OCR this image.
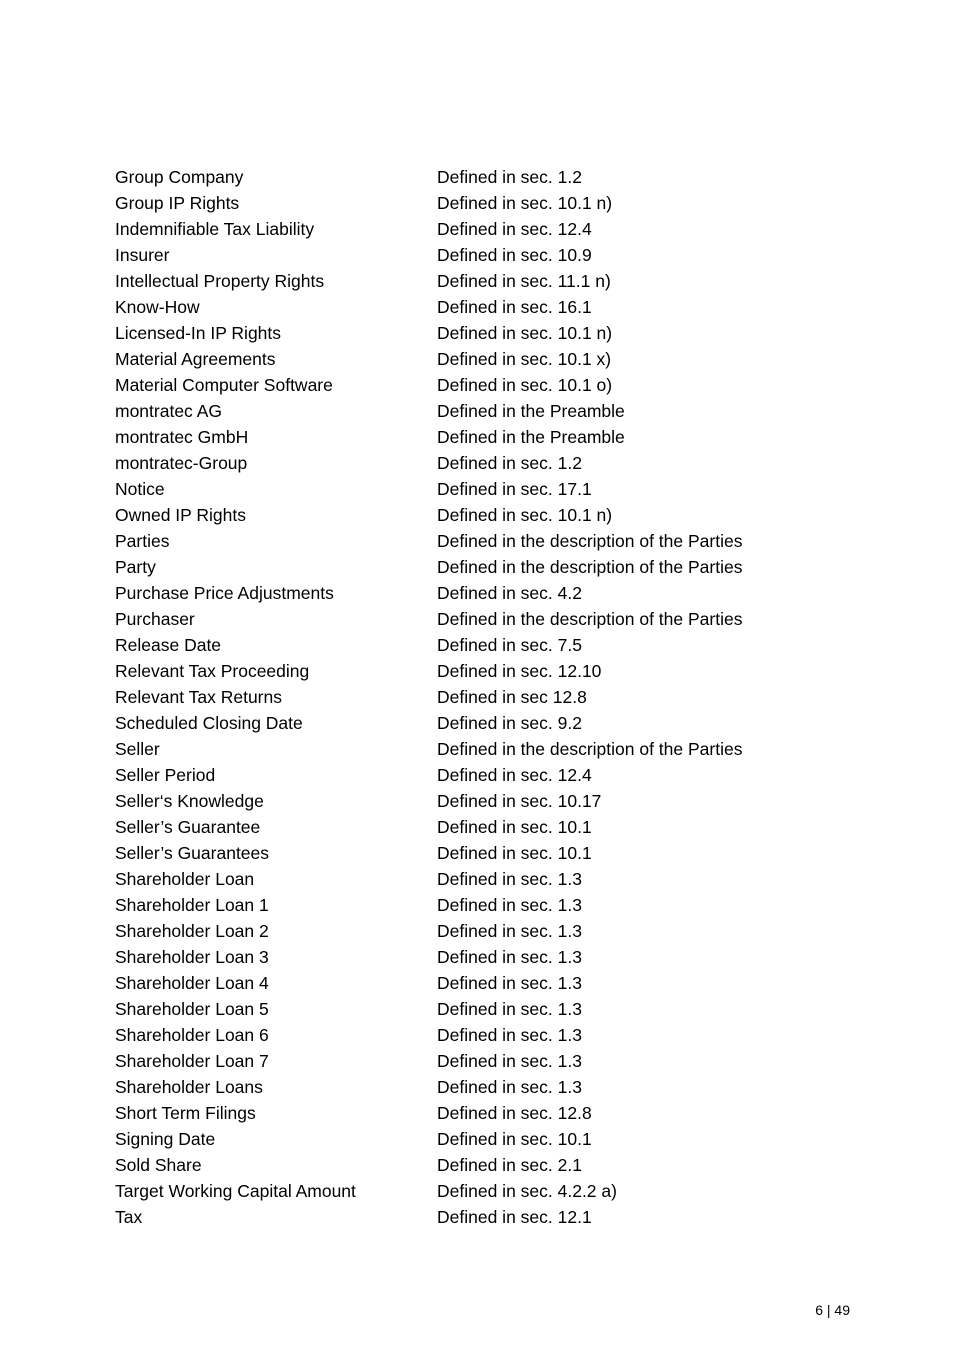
Group Company	Defined in sec. 1.2
Group IP Rights	Defined in sec. 10.1 n)
Indemnifiable Tax Liability	Defined in sec. 12.4
Insurer	Defined in sec. 10.9
Intellectual Property Rights	Defined in sec. 11.1 n)
Know-How	Defined in sec. 16.1
Licensed-In IP Rights	Defined in sec. 10.1 n)
Material Agreements	Defined in sec. 10.1 x)
Material Computer Software	Defined in sec. 10.1 o)
montratec AG	Defined in the Preamble
montratec GmbH	Defined in the Preamble
montratec-Group	Defined in sec. 1.2
Notice	Defined in sec. 17.1
Owned IP Rights	Defined in sec. 10.1 n)
Parties	Defined in the description of the Parties
Party	Defined in the description of the Parties
Purchase Price Adjustments	Defined in sec. 4.2
Purchaser	Defined in the description of the Parties
Release Date	Defined in sec. 7.5
Relevant Tax Proceeding	Defined in sec. 12.10
Relevant Tax Returns	Defined in sec 12.8
Scheduled Closing Date	Defined in sec. 9.2
Seller	Defined in the description of the Parties
Seller Period	Defined in sec. 12.4
Seller‘s Knowledge	Defined in sec. 10.17
Seller’s Guarantee	Defined in sec. 10.1
Seller’s Guarantees	Defined in sec. 10.1
Shareholder Loan	Defined in sec. 1.3
Shareholder Loan 1	Defined in sec. 1.3
Shareholder Loan 2	Defined in sec. 1.3
Shareholder Loan 3	Defined in sec. 1.3
Shareholder Loan 4	Defined in sec. 1.3
Shareholder Loan 5	Defined in sec. 1.3
Shareholder Loan 6	Defined in sec. 1.3
Shareholder Loan 7	Defined in sec. 1.3
Shareholder Loans	Defined in sec. 1.3
Short Term Filings	Defined in sec. 12.8
Signing Date	Defined in sec. 10.1
Sold Share	Defined in sec. 2.1
Target Working Capital Amount	Defined in sec. 4.2.2 a)
Tax	Defined in sec. 12.1
6 | 49
